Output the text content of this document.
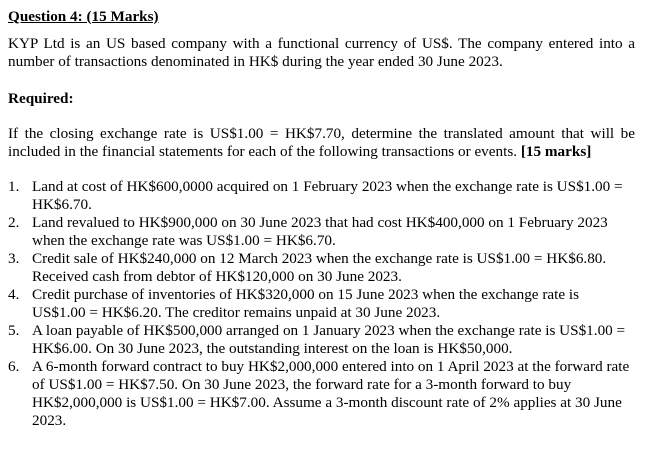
Question 4: (15 Marks)

KYP Ltd is an US based company with a functional currency of US$. The company entered into a number of transactions denominated in HK$ during the year ended 30 June 2023.

Required:

If the closing exchange rate is US$1.00 = HK$7.70, determine the translated amount that will be included in the financial statements for each of the following transactions or events. [15 marks]

1. Land at cost of HK$600,0000 acquired on 1 February 2023 when the exchange rate is US$1.00 = HK$6.70.
2. Land revalued to HK$900,000 on 30 June 2023 that had cost HK$400,000 on 1 February 2023 when the exchange rate was US$1.00 = HK$6.70.
3. Credit sale of HK$240,000 on 12 March 2023 when the exchange rate is US$1.00 = HK$6.80. Received cash from debtor of HK$120,000 on 30 June 2023.
4. Credit purchase of inventories of HK$320,000 on 15 June 2023 when the exchange rate is US$1.00 = HK$6.20. The creditor remains unpaid at 30 June 2023.
5. A loan payable of HK$500,000 arranged on 1 January 2023 when the exchange rate is US$1.00 = HK$6.00. On 30 June 2023, the outstanding interest on the loan is HK$50,000.
6. A 6-month forward contract to buy HK$2,000,000 entered into on 1 April 2023 at the forward rate of US$1.00 = HK$7.50. On 30 June 2023, the forward rate for a 3-month forward to buy HK$2,000,000 is US$1.00 = HK$7.00. Assume a 3-month discount rate of 2% applies at 30 June 2023.
